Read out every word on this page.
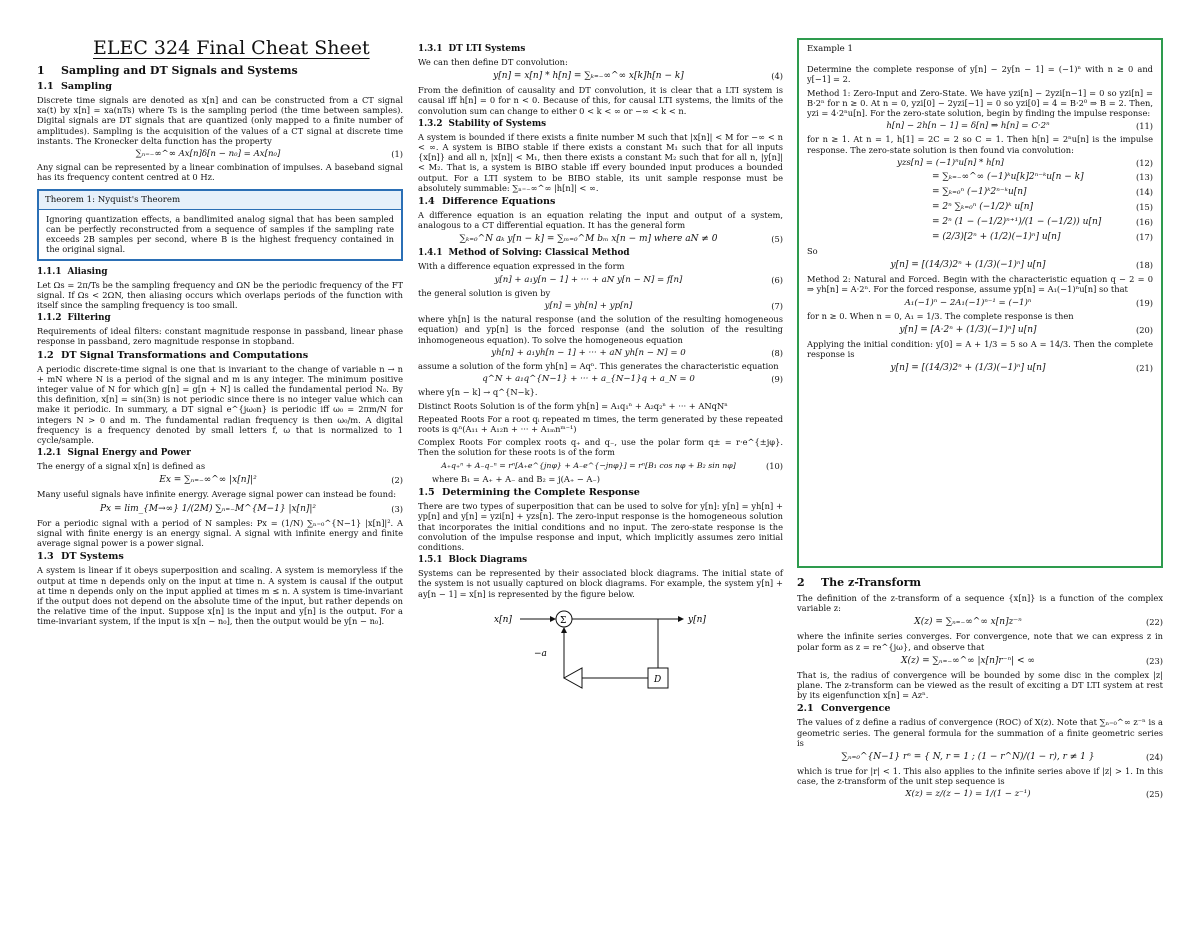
ELEC 324 Final Cheat Sheet
1 Sampling and DT Signals and Systems
1.1 Sampling

Discrete time signals are denoted as x[n] and can be constructed from a CT signal xa(t) by x[n] = xa(nTs) where Ts is the sampling period (the time between samples). Digital signals are DT signals that are quantized (only mapped to a finite number of amplitudes). Sampling is the acquisition of the values of a CT signal at discrete time instants. The Kronecker delta function has the property

∑ₙ₌₋∞^∞ Ax[n]δ[n − n₀] = Ax[n₀]	(1)

Any signal can be represented by a linear combination of impulses. A baseband signal has its frequency content centred at 0 Hz.

Theorem 1: Nyquist's Theorem

Ignoring quantization effects, a bandlimited analog signal that has been sampled can be perfectly reconstructed from a sequence of samples if the sampling rate exceeds 2B samples per second, where B is the highest frequency contained in the original signal.

1.1.1 Aliasing

Let Ωs = 2π/Ts be the sampling frequency and ΩN be the periodic frequency of the FT signal. If Ωs < 2ΩN, then aliasing occurs which overlaps periods of the function with itself since the sampling frequency is too small.

1.1.2 Filtering

Requirements of ideal filters: constant magnitude response in passband, linear phase response in passband, zero magnitude response in stopband.

1.2 DT Signal Transformations and Computations

A periodic discrete-time signal is one that is invariant to the change of variable n → n + mN where N is a period of the signal and m is any integer. The minimum positive integer value of N for which g[n] = g[n + N] is called the fundamental period N₀. By this definition, x[n] = sin(3n) is not periodic since there is no integer value which can make it periodic. In summary, a DT signal e^{jω₀n} is periodic iff ω₀ = 2πm/N for integers N > 0 and m. The fundamental radian frequency is then ω₀/m. A digital frequency is a frequency denoted by small letters f, ω that is normalized to 1 cycle/sample.

1.2.1 Signal Energy and Power

The energy of a signal x[n] is defined as

Ex = ∑ₙ₌₋∞^∞ |x[n]|²	(2)

Many useful signals have infinite energy. Average signal power can instead be found:

Px = lim_{M→∞} 1/(2M) ∑ₙ₌₋M^{M−1} |x[n]|²	(3)

For a periodic signal with a period of N samples: Px = (1/N) ∑ₙ₌₀^{N−1} |x[n]|². A signal with finite energy is an energy signal. A signal with infinite energy and finite average signal power is a power signal.

1.3 DT Systems

A system is linear if it obeys superposition and scaling. A system is memoryless if the output at time n depends only on the input at time n. A system is causal if the output at time n depends only on the input applied at times m ≤ n. A system is time-invariant if the output does not depend on the absolute time of the input, but rather depends on the relative time of the input. Suppose x[n] is the input and y[n] is the output. For a time-invariant system, if the input is x[n − n₀], then the output would be y[n − n₀].

1.3.1 DT LTI Systems

We can then define DT convolution:

y[n] = x[n] * h[n] = ∑ₖ₌₋∞^∞ x[k]h[n − k]	(4)

From the definition of causality and DT convolution, it is clear that a LTI system is causal iff h[n] = 0 for n < 0. Because of this, for causal LTI systems, the limits of the convolution sum can change to either 0 < k < ∞ or −∞ < k < n.

1.3.2 Stability of Systems

A system is bounded if there exists a finite number M such that |x[n]| < M for −∞ < n < ∞. A system is BIBO stable if there exists a constant M₁ such that for all inputs {x[n]} and all n, |x[n]| < M₁, then there exists a constant M₂ such that for all n, |y[n]| < M₂. That is, a system is BIBO stable iff every bounded input produces a bounded output. For a LTI system to be BIBO stable, its unit sample response must be absolutely summable: ∑ₙ₌₋∞^∞ |h[n]| < ∞.

1.4 Difference Equations

A difference equation is an equation relating the input and output of a system, analogous to a CT differential equation. It has the general form

∑ₖ₌₀^N aₖ y[n − k] = ∑ₘ₌₀^M bₘ x[n − m] where aN ≠ 0	(5)
1.4.1 Method of Solving: Classical Method

With a difference equation expressed in the form

y[n] + a₁y[n − 1] + ··· + aN y[n − N] = f[n]	(6)

the general solution is given by

y[n] = yh[n] + yp[n]	(7)

where yh[n] is the natural response (and the solution of the resulting homogeneous equation) and yp[n] is the forced response (and the solution of the resulting inhomogeneous equation). To solve the homogeneous equation

yh[n] + a₁yh[n − 1] + ··· + aN yh[n − N] = 0	(8)

assume a solution of the form yh[n] = Aqⁿ. This generates the characteristic equation

q^N + a₁q^{N−1} + ··· + a_{N−1}q + a_N = 0	(9)

where y[n − k] → q^{N−k}.

Distinct Roots Solution is of the form yh[n] = A₁q₁ⁿ + A₂q₂ⁿ + ··· + ANqNⁿ

Repeated Roots For a root qᵢ repeated m times, the term generated by these repeated roots is qᵢⁿ(A₁₁ + A₁₂n + ··· + A₁ₘnᵐ⁻¹)

Complex Roots For complex roots q₊ and q₋, use the polar form q± = r·e^{±jφ}. Then the solution for these roots is of the form

A₊q₊ⁿ + A₋q₋ⁿ = rⁿ[A₊e^{jnφ} + A₋e^{−jnφ}] = rⁿ[B₁ cos nφ + B₂ sin nφ]	(10)

where B₁ = A₊ + A₋ and B₂ = j(A₊ − A₋)

1.5 Determining the Complete Response

There are two types of superposition that can be used to solve for y[n]: y[n] = yh[n] + yp[n] and y[n] = yzi[n] + yzs[n]. The zero-input response is the homogeneous solution that incorporates the initial conditions and no input. The zero-state response is the convolution of the impulse response and input, which implicitly assumes zero initial conditions.

1.5.1 Block Diagrams

Systems can be represented by their associated block diagrams. The initial state of the system is not usually captured on block diagrams. For example, the system y[n] + ay[n − 1] = x[n] is represented by the figure below.

x[n]	Σ	y[n]
D
−a
Example 1

Determine the complete response of y[n] − 2y[n − 1] = (−1)ⁿ with n ≥ 0 and y[−1] = 2.

Method 1: Zero-Input and Zero-State. We have yzi[n] − 2yzi[n−1] = 0 so yzi[n] = B·2ⁿ for n ≥ 0. At n = 0, yzi[0] − 2yzi[−1] = 0 so yzi[0] = 4 = B·2⁰ ⇒ B = 2. Then, yzi = 4·2ⁿu[n]. For the zero-state solution, begin by finding the impulse response:

h[n] − 2h[n − 1] = δ[n] ⇒ h[n] = C·2ⁿ	(11)

for n ≥ 1. At n = 1, h[1] = 2C = 2 so C = 1. Then h[n] = 2ⁿu[n] is the impulse response. The zero-state solution is then found via convolution:

yzs[n] = (−1)ⁿu[n] * h[n]	(12)
= ∑ₖ₌₋∞^∞ (−1)ᵏu[k]2ⁿ⁻ᵏu[n − k]	(13)
= ∑ₖ₌₀ⁿ (−1)ᵏ2ⁿ⁻ᵏu[n]	(14)
= 2ⁿ ∑ₖ₌₀ⁿ (−1/2)ᵏ u[n]	(15)
= 2ⁿ (1 − (−1/2)ⁿ⁺¹)/(1 − (−1/2)) u[n]	(16)
= (2/3)[2ⁿ + (1/2)(−1)ⁿ] u[n]	(17)

So

y[n] = [(14/3)2ⁿ + (1/3)(−1)ⁿ] u[n]	(18)

Method 2: Natural and Forced. Begin with the characteristic equation q − 2 = 0 ⇒ yh[n] = A·2ⁿ. For the forced response, assume yp[n] = A₁(−1)ⁿu[n] so that

A₁(−1)ⁿ − 2A₁(−1)ⁿ⁻¹ = (−1)ⁿ	(19)

for n ≥ 0. When n = 0, A₁ = 1/3. The complete response is then

y[n] = [A·2ⁿ + (1/3)(−1)ⁿ] u[n]	(20)

Applying the initial condition: y[0] = A + 1/3 = 5 so A = 14/3. Then the complete response is

y[n] = [(14/3)2ⁿ + (1/3)(−1)ⁿ] u[n]	(21)
2 The z-Transform

The definition of the z-transform of a sequence {x[n]} is a function of the complex variable z:

X(z) = ∑ₙ₌₋∞^∞ x[n]z⁻ⁿ	(22)

where the infinite series converges. For convergence, note that we can express z in polar form as z = re^{jω}, and observe that

X(z) = ∑ₙ₌₋∞^∞ |x[n]r⁻ⁿ| < ∞	(23)

That is, the radius of convergence will be bounded by some disc in the complex |z| plane. The z-transform can be viewed as the result of exciting a DT LTI system at rest by its eigenfunction x[n] = Azⁿ.

2.1 Convergence

The values of z define a radius of convergence (ROC) of X(z). Note that ∑ₙ₌₀^∞ z⁻ⁿ is a geometric series. The general formula for the summation of a finite geometric series is

∑ₙ₌₀^{N−1} rⁿ = { N, r = 1 ; (1 − r^N)/(1 − r), r ≠ 1 }	(24)

which is true for |r| < 1. This also applies to the infinite series above if |z| > 1. In this case, the z-transform of the unit step sequence is

X(z) = z/(z − 1) = 1/(1 − z⁻¹)	(25)
